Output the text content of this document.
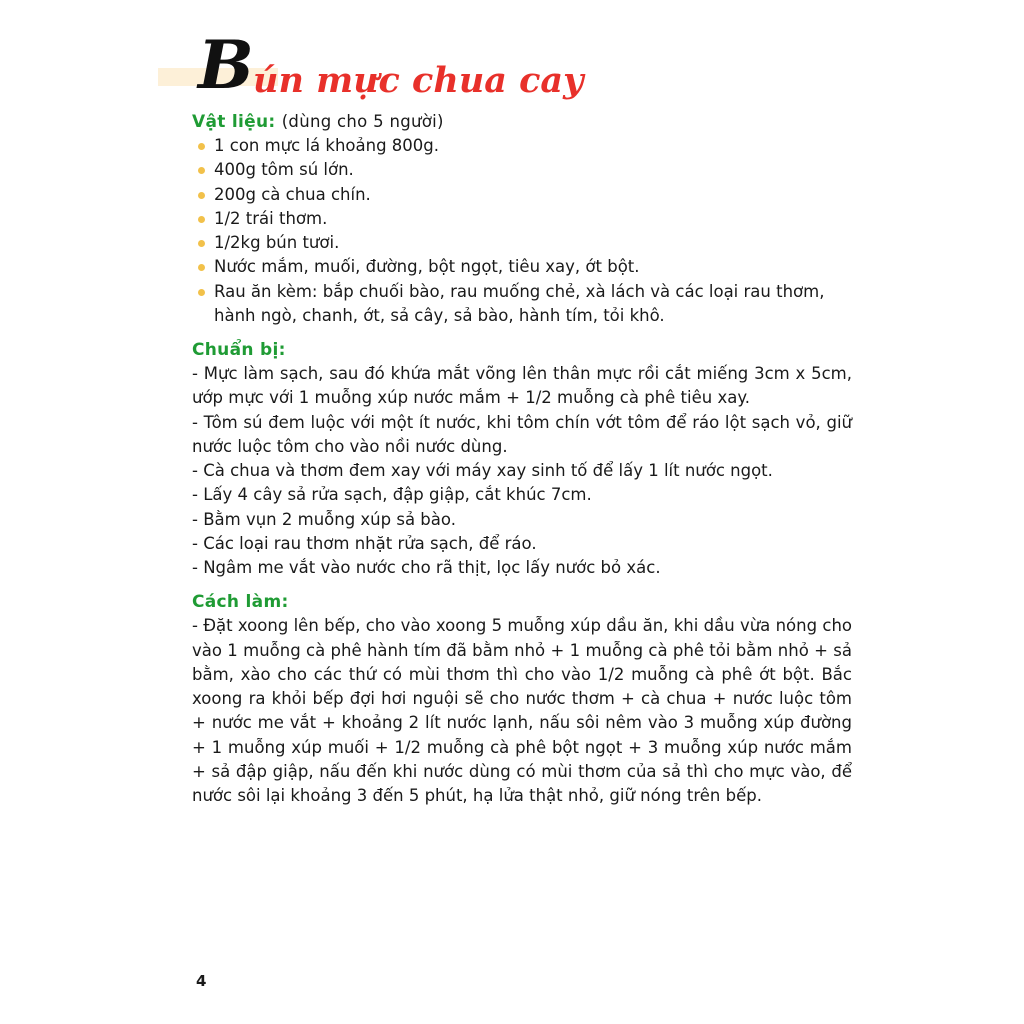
B ún mực chua cay
Vật liệu: (dùng cho 5 người)
1 con mực lá khoảng 800g.
400g tôm sú lớn.
200g cà chua chín.
1/2 trái thơm.
1/2kg bún tươi.
Nước mắm, muối, đường, bột ngọt, tiêu xay, ớt bột.
Rau ăn kèm: bắp chuối bào, rau muống chẻ, xà lách và các loại rau thơm, hành ngò, chanh, ớt, sả cây, sả bào, hành tím, tỏi khô.
Chuẩn bị:

- Mực làm sạch, sau đó khứa mắt võng lên thân mực rồi cắt miếng 3cm x 5cm, ướp mực với 1 muỗng xúp nước mắm + 1/2 muỗng cà phê tiêu xay.

- Tôm sú đem luộc với một ít nước, khi tôm chín vớt tôm để ráo lột sạch vỏ, giữ nước luộc tôm cho vào nồi nước dùng.

- Cà chua và thơm đem xay với máy xay sinh tố để lấy 1 lít nước ngọt.

- Lấy 4 cây sả rửa sạch, đập giập, cắt khúc 7cm.

- Bằm vụn 2 muỗng xúp sả bào.

- Các loại rau thơm nhặt rửa sạch, để ráo.

- Ngâm me vắt vào nước cho rã thịt, lọc lấy nước bỏ xác.

Cách làm:

- Đặt xoong lên bếp, cho vào xoong 5 muỗng xúp dầu ăn, khi dầu vừa nóng cho vào 1 muỗng cà phê hành tím đã bằm nhỏ + 1 muỗng cà phê tỏi bằm nhỏ + sả bằm, xào cho các thứ có mùi thơm thì cho vào 1/2 muỗng cà phê ớt bột. Bắc xoong ra khỏi bếp đợi hơi nguội sẽ cho nước thơm + cà chua + nước luộc tôm + nước me vắt + khoảng 2 lít nước lạnh, nấu sôi nêm vào 3 muỗng xúp đường + 1 muỗng xúp muối + 1/2 muỗng cà phê bột ngọt + 3 muỗng xúp nước mắm + sả đập giập, nấu đến khi nước dùng có mùi thơm của sả thì cho mực vào, để nước sôi lại khoảng 3 đến 5 phút, hạ lửa thật nhỏ, giữ nóng trên bếp.

4
